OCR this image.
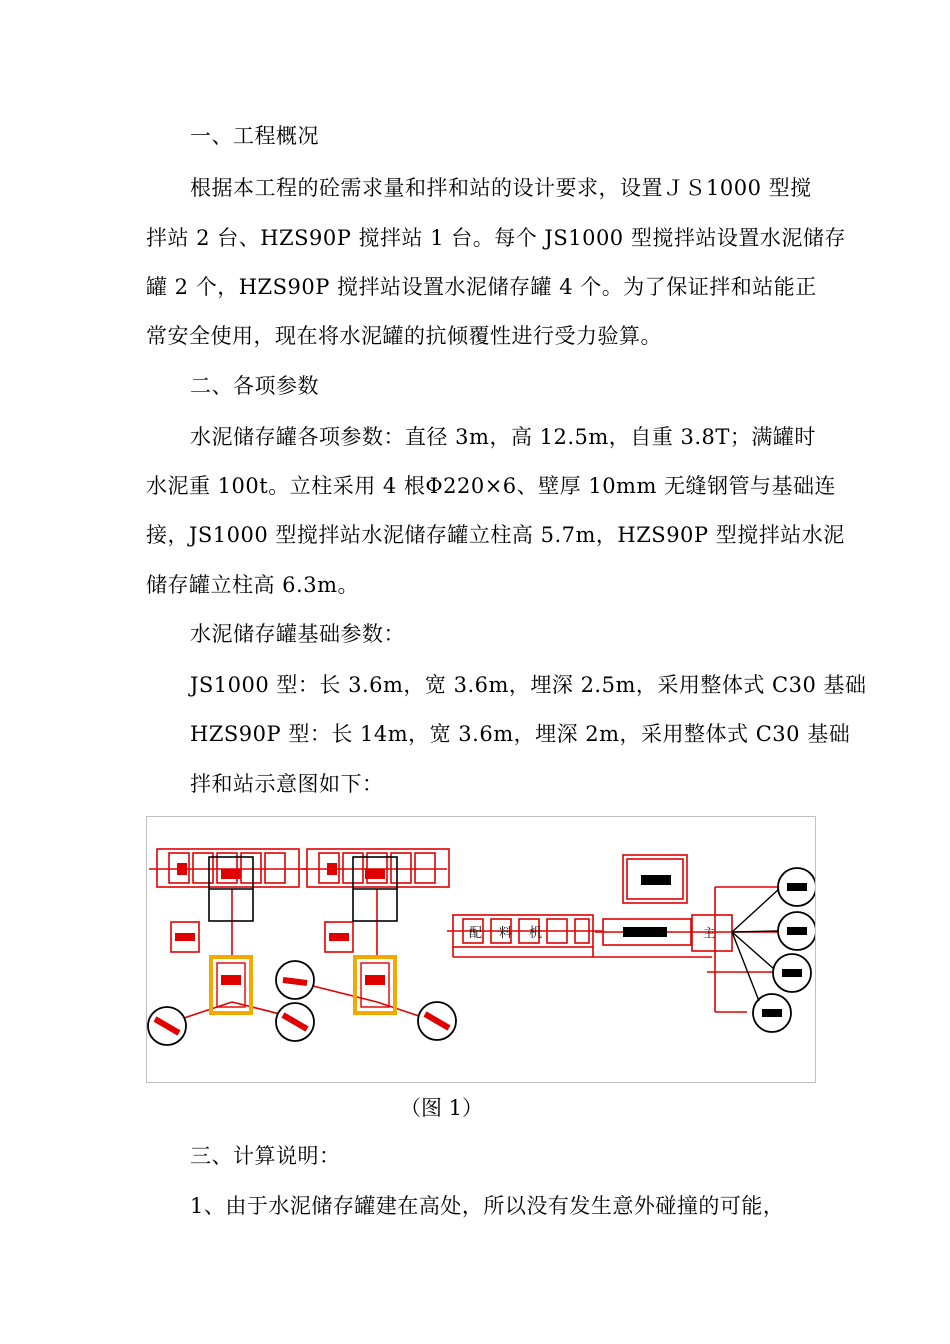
一、工程概况
根据本工程的砼需求量和拌和站的设计要求，设置ＪＳ1000 型搅
拌站 2 台、HZS90P 搅拌站 1 台。每个 JS1000 型搅拌站设置水泥储存
罐 2 个，HZS90P 搅拌站设置水泥储存罐 4 个。为了保证拌和站能正
常安全使用，现在将水泥罐的抗倾覆性进行受力验算。
二、各项参数
水泥储存罐各项参数：直径 3m，高 12.5m，自重 3.8T；满罐时
水泥重 100t。立柱采用 4 根Φ220×6、壁厚 10mm 无缝钢管与基础连
接，JS1000 型搅拌站水泥储存罐立柱高 5.7m，HZS90P 型搅拌站水泥
储存罐立柱高 6.3m。
水泥储存罐基础参数：
JS1000 型：长 3.6m，宽 3.6m，埋深 2.5m，采用整体式 C30 基础
HZS90P 型：长 14m，宽 3.6m，埋深 2m，采用整体式 C30 基础
拌和站示意图如下：
配 料 机	主
（图 1）
三、计算说明：
1、由于水泥储存罐建在高处，所以没有发生意外碰撞的可能，
